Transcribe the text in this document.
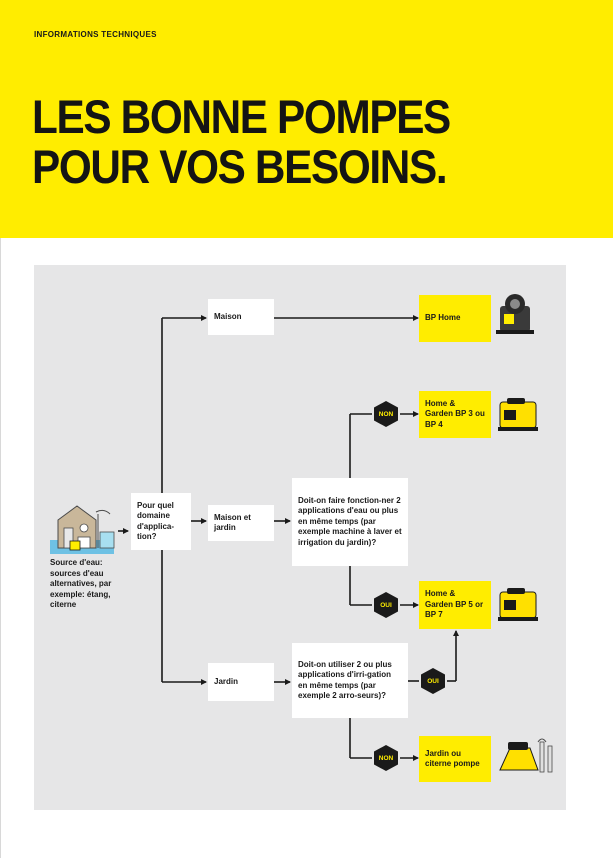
INFORMATIONS TECHNIQUES
LES BONNE POMPES
POUR VOS BESOINS.
Source d'eau: sources d'eau alternatives, par exemple: étang, citerne
Pour quel domaine d'applica-tion?
Maison
Maison et jardin
Jardin
Doit-on faire fonction-ner 2 applications d'eau ou plus en même temps (par exemple machine à laver et irrigation du jardin)?
Doit-on utiliser 2 ou plus applications d'irri-gation en même temps (par exemple 2 arro-seurs)?
BP Home
Home & Garden BP 3 ou BP 4
Home & Garden BP 5 or BP 7
Jardin ou citerne pompe
NON
OUI
OUI
NON
